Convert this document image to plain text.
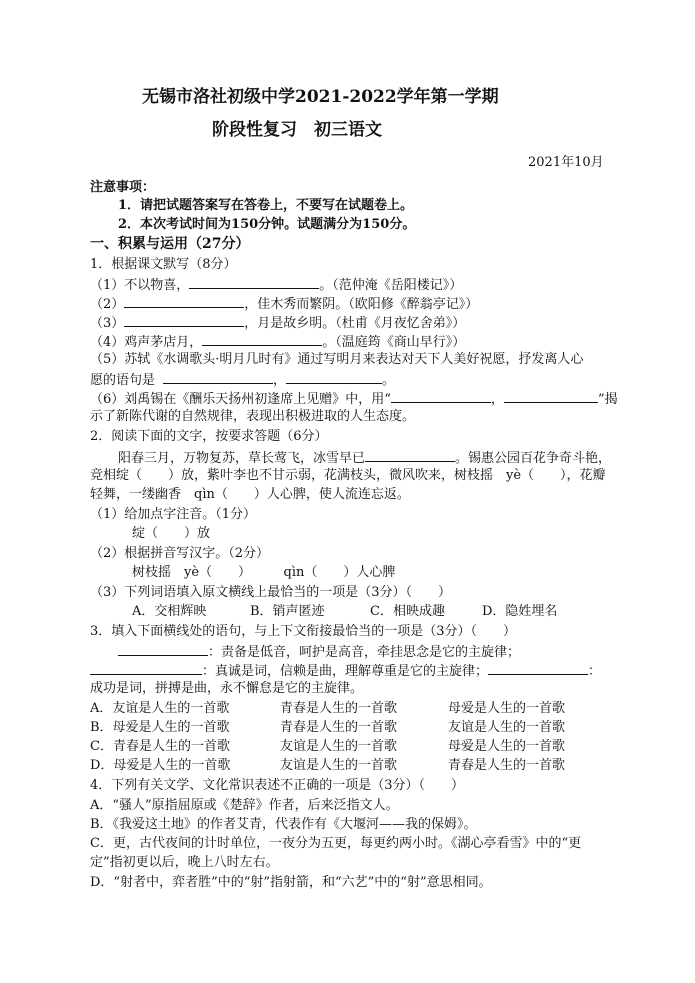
无锡市洛社初级中学2021-2022学年第一学期
阶段性复习　初三语文
2021年10月
注意事项：
1．请把试题答案写在答卷上，不要写在试题卷上。
2．本次考试时间为150分钟。试题满分为150分。
一、积累与运用（27分）
1．根据课文默写（8分）
（1）不以物喜，	。（范仲淹《岳阳楼记》）
（2）	，佳木秀而繁阴。（欧阳修《醉翁亭记》）
（3）	，月是故乡明。（杜甫《月夜忆舍弟》）
（4）鸡声茅店月，	。（温庭筠《商山早行》）
（5）苏轼《水调歌头·明月几时有》通过写明月来表达对天下人美好祝愿，抒发离人心
愿的语句是	，	。
（6）刘禹锡在《酬乐天扬州初逢席上见赠》中，用“	，	”揭
示了新陈代谢的自然规律，表现出积极进取的人生态度。
2．阅读下面的文字，按要求答题（6分）
阳春三月，万物复苏，草长莺飞，冰雪早已	。锡惠公园百花争奇斗艳，
竞相绽（　　）放，紫叶李也不甘示弱，花满枝头，微风吹来，树枝摇　yè（　　），花瓣
轻舞，一缕幽香　qìn（　　）人心脾，使人流连忘返。
（1）给加点字注音。（1分）
绽（　　）放
（2）根据拼音写汉字。（2分）
树枝摇　yè（　　）　　　qìn（　　）人心脾
（3）下列词语填入原文横线上最恰当的一项是（3分）（　　）
A．交相辉映	B．销声匿迹	C．相映成趣	D．隐姓埋名
3．填入下面横线处的语句，与上下文衔接最恰当的一项是（3分）（　　）
：责备是低音，呵护是高音，牵挂思念是它的主旋律；
：真诚是词，信赖是曲，理解尊重是它的主旋律；	：
成功是词，拼搏是曲，永不懈怠是它的主旋律。
A．友谊是人生的一首歌	青春是人生的一首歌	母爱是人生的一首歌
B．母爱是人生的一首歌	青春是人生的一首歌	友谊是人生的一首歌
C．青春是人生的一首歌	友谊是人生的一首歌	母爱是人生的一首歌
D．母爱是人生的一首歌	友谊是人生的一首歌	青春是人生的一首歌
4．下列有关文学、文化常识表述不正确的一项是（3分）（　　）
A．“骚人”原指屈原或《楚辞》作者，后来泛指文人。
B．《我爱这土地》的作者艾青，代表作有《大堰河——我的保姆》。
C．更，古代夜间的计时单位，一夜分为五更，每更约两小时。《湖心亭看雪》中的“更
定”指初更以后，晚上八时左右。
D．“射者中，弈者胜”中的“射”指射箭，和“六艺”中的“射”意思相同。
